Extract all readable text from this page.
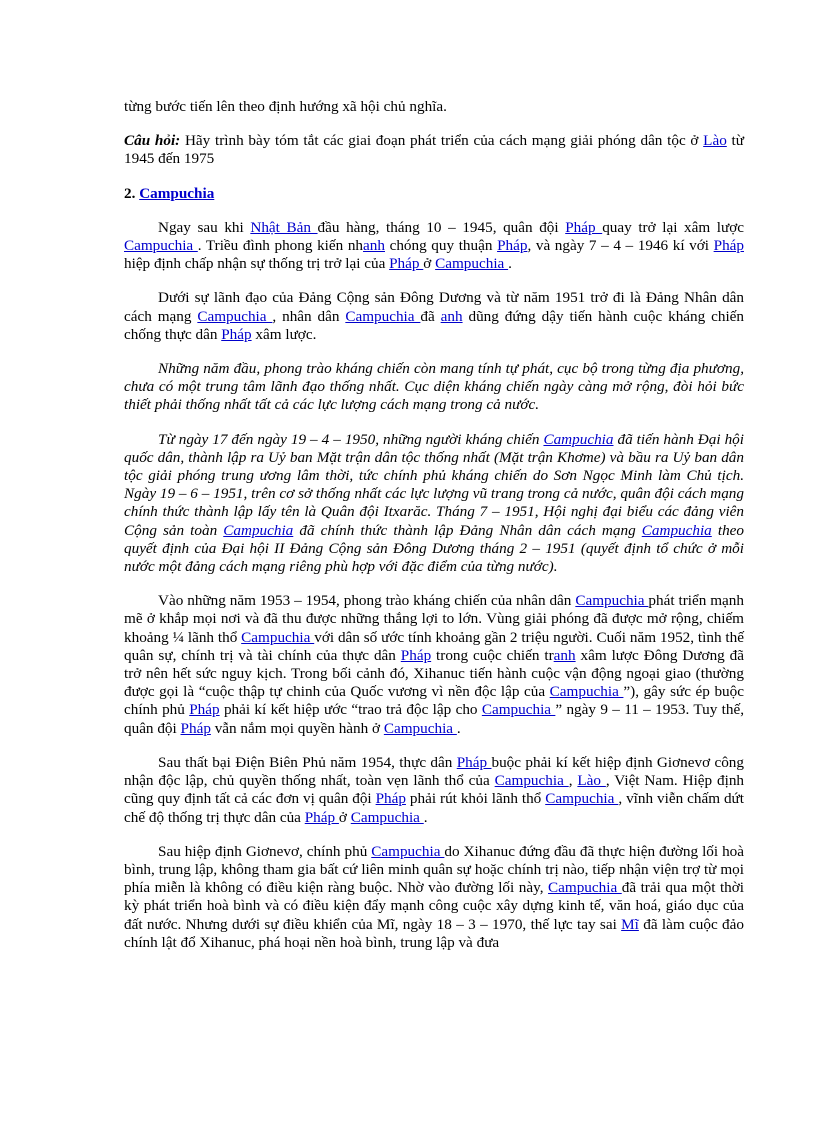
từng bước tiến lên theo định hướng xã hội chủ nghĩa.

Câu hỏi: Hãy trình bày tóm tắt các giai đoạn phát triển của cách mạng giải phóng dân tộc ở Lào từ 1945 đến 1975

2. Campuchia

Ngay sau khi Nhật Bản đầu hàng, tháng 10 – 1945, quân đội Pháp quay trở lại xâm lược Campuchia . Triều đình phong kiến nhanh chóng quy thuận Pháp, và ngày 7 – 4 – 1946 kí với Pháp hiệp định chấp nhận sự thống trị trở lại của Pháp ở Campuchia .

Dưới sự lãnh đạo của Đảng Cộng sản Đông Dương và từ năm 1951 trở đi là Đảng Nhân dân cách mạng Campuchia , nhân dân Campuchia đã anh dũng đứng dậy tiến hành cuộc kháng chiến chống thực dân Pháp xâm lược.

Những năm đầu, phong trào kháng chiến còn mang tính tự phát, cục bộ trong từng địa phương, chưa có một trung tâm lãnh đạo thống nhất. Cục diện kháng chiến ngày càng mở rộng, đòi hỏi bức thiết phải thống nhất tất cả các lực lượng cách mạng trong cả nước.

Từ ngày 17 đến ngày 19 – 4 – 1950, những người kháng chiến Campuchia đã tiến hành Đại hội quốc dân, thành lập ra Uỷ ban Mặt trận dân tộc thống nhất (Mặt trận Khơme) và bầu ra Uỷ ban dân tộc giải phóng trung ương lâm thời, tức chính phủ kháng chiến do Sơn Ngọc Minh làm Chủ tịch. Ngày 19 – 6 – 1951, trên cơ sở thống nhất các lực lượng vũ trang trong cả nước, quân đội cách mạng chính thức thành lập lấy tên là Quân đội Itxarăc. Tháng 7 – 1951, Hội nghị đại biểu các đảng viên Cộng sản toàn Campuchia đã chính thức thành lập Đảng Nhân dân cách mạng Campuchia theo quyết định của Đại hội II Đảng Cộng sản Đông Dương tháng 2 – 1951 (quyết định tổ chức ở mỗi nước một đảng cách mạng riêng phù hợp với đặc điểm của từng nước).

Vào những năm 1953 – 1954, phong trào kháng chiến của nhân dân Campuchia phát triển mạnh mẽ ở khắp mọi nơi và đã thu được những thắng lợi to lớn. Vùng giải phóng đã được mở rộng, chiếm khoảng ¼ lãnh thổ Campuchia với dân số ước tính khoảng gần 2 triệu người. Cuối năm 1952, tình thế quân sự, chính trị và tài chính của thực dân Pháp trong cuộc chiến tranh xâm lược Đông Dương đã trở nên hết sức nguy kịch. Trong bối cảnh đó, Xihanuc tiến hành cuộc vận động ngoại giao (thường được gọi là “cuộc thập tự chinh của Quốc vương vì nền độc lập của Campuchia ”), gây sức ép buộc chính phủ Pháp phải kí kết hiệp ước “trao trả độc lập cho Campuchia ” ngày 9 – 11 – 1953. Tuy thế, quân đội Pháp vẫn nắm mọi quyền hành ở Campuchia .

Sau thất bại Điện Biên Phủ năm 1954, thực dân Pháp buộc phải kí kết hiệp định Giơnevơ công nhận độc lập, chủ quyền thống nhất, toàn vẹn lãnh thổ của Campuchia , Lào , Việt Nam. Hiệp định cũng quy định tất cả các đơn vị quân đội Pháp phải rút khỏi lãnh thổ Campuchia , vĩnh viễn chấm dứt chế độ thống trị thực dân của Pháp ở Campuchia .

Sau hiệp định Giơnevơ, chính phủ Campuchia do Xihanuc đứng đầu đã thực hiện đường lối hoà bình, trung lập, không tham gia bất cứ liên minh quân sự hoặc chính trị nào, tiếp nhận viện trợ từ mọi phía miễn là không có điều kiện ràng buộc. Nhờ vào đường lối này, Campuchia đã trải qua một thời kỳ phát triển hoà bình và có điều kiện đẩy mạnh công cuộc xây dựng kinh tế, văn hoá, giáo dục của đất nước. Nhưng dưới sự điều khiển của Mĩ, ngày 18 – 3 – 1970, thế lực tay sai Mĩ đã làm cuộc đảo chính lật đổ Xihanuc, phá hoại nền hoà bình, trung lập và đưa
